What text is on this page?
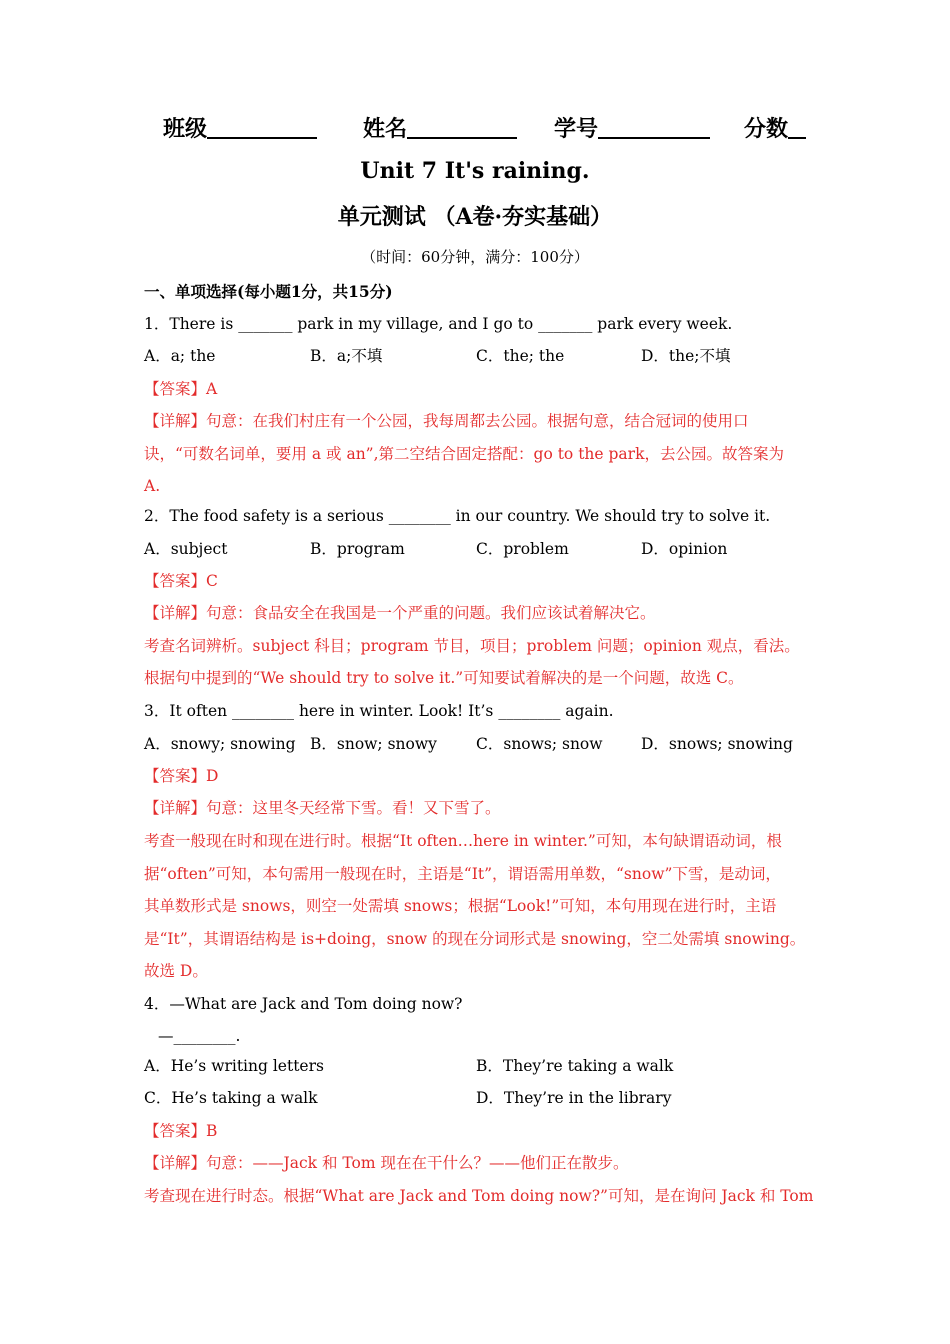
班级	姓名	学号	分数
Unit 7 It's raining.
单元测试 （A卷·夯实基础）
（时间：60分钟，满分：100分）
一、单项选择(每小题1分，共15分)
1．There is _______ park in my village, and I go to _______ park every week.
A．a; the	B．a;不填	C．the; the	D．the;不填
【答案】A
【详解】句意：在我们村庄有一个公园，我每周都去公园。根据句意，结合冠词的使用口
诀，“可数名词单，要用 a 或 an”,第二空结合固定搭配：go to the park，去公园。故答案为
A.
2．The food safety is a serious ________ in our country. We should try to solve it.
A．subject	B．program	C．problem	D．opinion
【答案】C
【详解】句意：食品安全在我国是一个严重的问题。我们应该试着解决它。
考查名词辨析。subject 科目；program 节目，项目；problem 问题；opinion 观点，看法。
根据句中提到的“We should try to solve it.”可知要试着解决的是一个问题，故选 C。
3．It often ________ here in winter. Look! It’s ________ again.
A．snowy; snowing B．snow; snowy	C．snows; snow D．snows; snowing
【答案】D
【详解】句意：这里冬天经常下雪。看！又下雪了。
考查一般现在时和现在进行时。根据“It often…here in winter.”可知，本句缺谓语动词，根
据“often”可知，本句需用一般现在时，主语是“It”，谓语需用单数，“snow”下雪，是动词，
其单数形式是 snows，则空一处需填 snows；根据“Look!”可知，本句用现在进行时，主语
是“It”，其谓语结构是 is+doing，snow 的现在分词形式是 snowing，空二处需填 snowing。
故选 D。
4．—What are Jack and Tom doing now?
—________.
A．He’s writing letters	B．They’re taking a walk
C．He’s taking a walk	D．They’re in the library
【答案】B
【详解】句意：——Jack 和 Tom 现在在干什么？——他们正在散步。
考查现在进行时态。根据“What are Jack and Tom doing now?”可知，是在询问 Jack 和 Tom
